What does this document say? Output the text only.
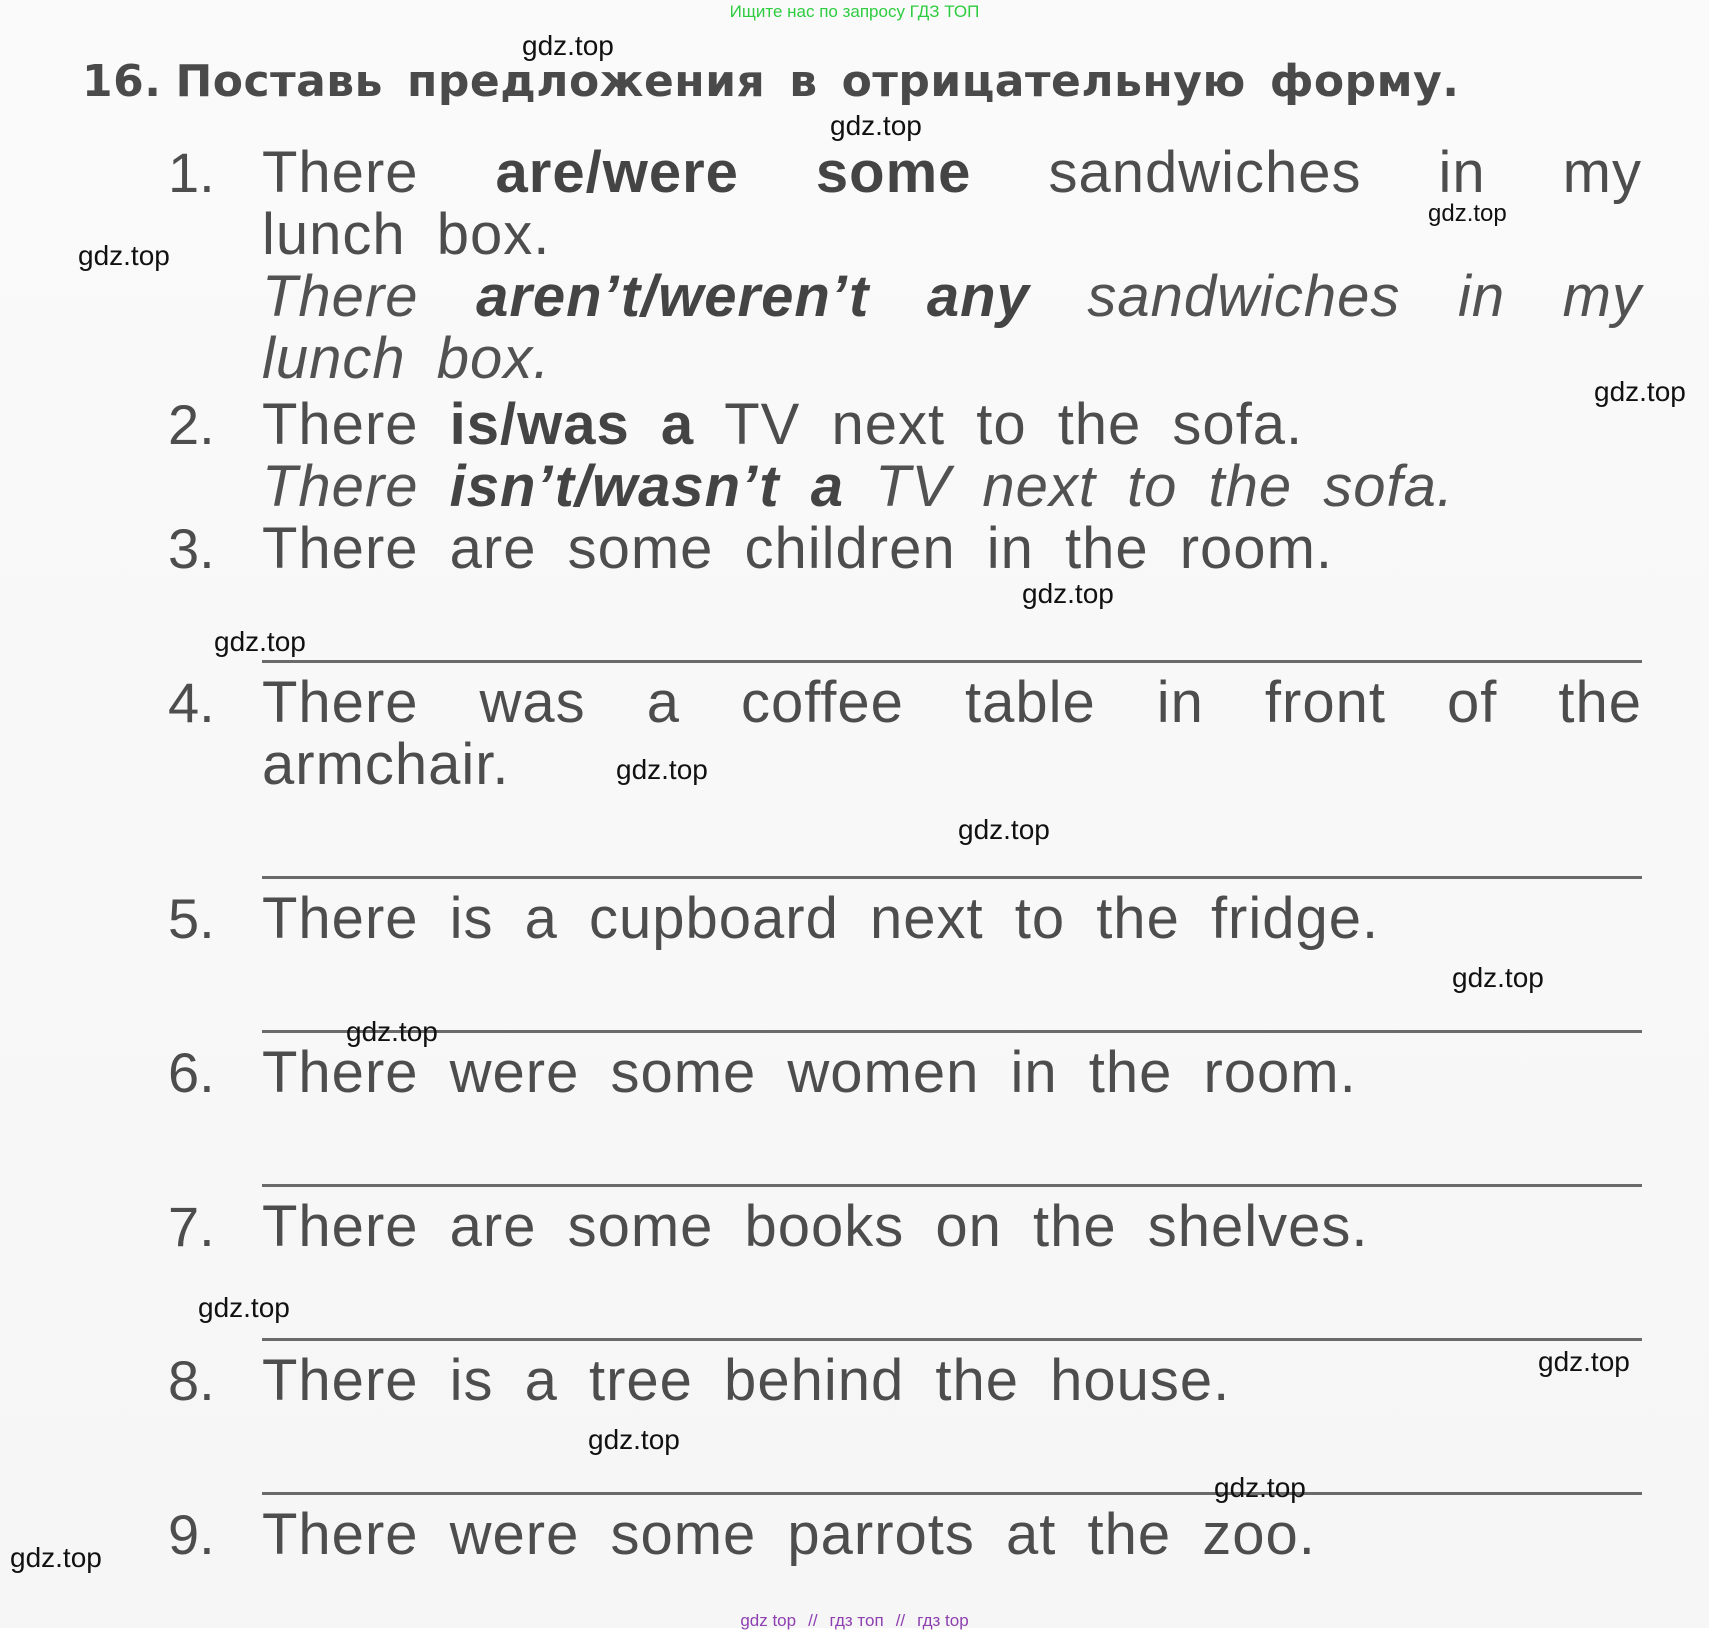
Ищите нас по запросу ГДЗ ТОП
16. Поставь предложения в отрицательную форму.
1. There are/were some sandwiches in my
lunch box.
There aren’t/weren’t any sandwiches in my
lunch box.
2. There is/was a TV next to the sofa.
There isn’t/wasn’t a TV next to the sofa.
3. There are some children in the room.
4. There was a coffee table in front of the
armchair.
5. There is a cupboard next to the fridge.
6. There were some women in the room.
7. There are some books on the shelves.
8. There is a tree behind the house.
9. There were some parrots at the zoo.
gdz.top
gdz.top
gdz.top
gdz.top
gdz.top
gdz.top
gdz.top
gdz.top
gdz.top
gdz.top
gdz.top
gdz.top
gdz.top
gdz.top
gdz.top
gdz.top
gdz top // гдз топ // гдз top
